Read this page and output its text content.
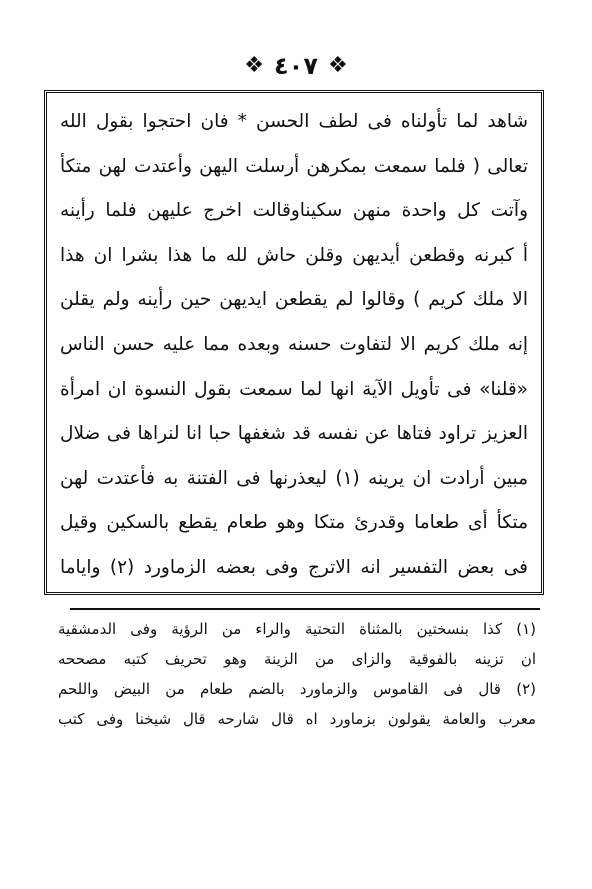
❖ ٤٠٧ ❖
شاهد لما تأولناه فى لطف الحسن * فان احتجوا بقول الله
تعالى ( فلما سمعت بمكرهن أرسلت اليهن وأعتدت لهن متكأ
وآتت كل واحدة منهن سكيناوقالت اخرج عليهن فلما رأينه
أ كبرنه وقطعن أيديهن وقلن حاش لله ما هذا بشرا ان هذا
الا ملك كريم ) وقالوا لم يقطعن ايديهن حين رأينه ولم يقلن
إنه ملك كريم الا لتفاوت حسنه وبعده مما عليه حسن الناس
«قلنا» فى تأويل الآية انها لما سمعت بقول النسوة ان امرأة
العزيز تراود فتاها عن نفسه قد شغفها حبا انا لنراها فى ضلال
مبين أرادت ان يرينه (١) ليعذرنها فى الفتنة به فأعتدت لهن
متكأ أى طعاما وقدرئ متكا وهو طعام يقطع بالسكين وقيل
فى بعض التفسير انه الاترج وفى بعضه الزماورد (٢) واياما
(١) كذا بنسختين بالمثناة التحتية والراء من الرؤية وفى الدمشقية
ان تزينه بالفوقية والزاى من الزينة وهو تحريف كتبه مصححه
(٢) قال فى القاموس والزماورد بالضم طعام من البيض واللحم
معرب والعامة يقولون بزماورد اه قال شارحه قال شيخنا وفى كتب
